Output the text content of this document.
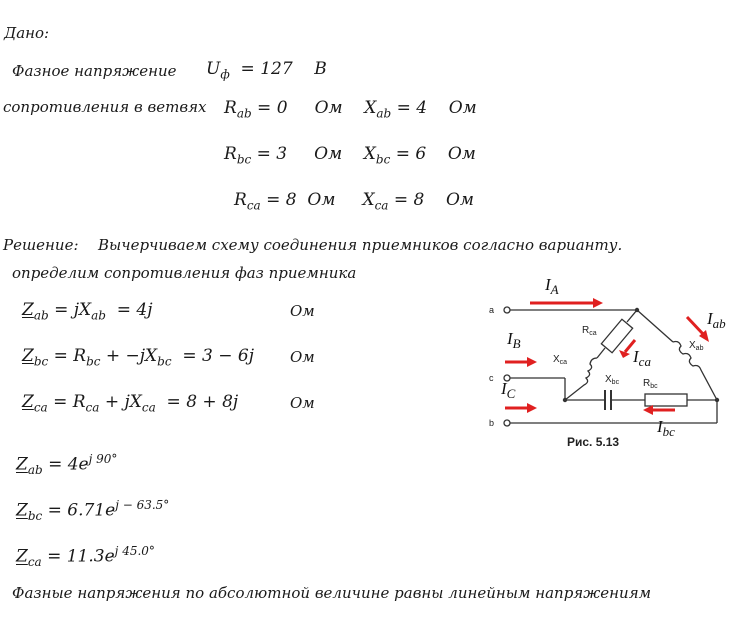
Дано:
Фазное напряжение $U_ф = 127$ В
сопротивления в ветвях $R_{ab} = 0$ Ом    $X_{ab} = 4$ Ом
$R_{bc} = 3$ Ом    $X_{bc} = 6$ Ом
$R_{ca} = 8$ Ом     $X_{ca} = 8$ Ом
Решение: Вычерчиваем схему соединения приемников согласно варианту.
определим сопротивления фаз приемника
$Z_{ab} = jX_{ab} = 4j$	Ом
$Z_{bc} = R_{bc} + -jX_{bc} = 3 - 6j$ Ом
$Z_{ca} = R_{ca} + jX_{ca} = 8 + 8j$	Ом
$Z_{ab} = 4e^{j 90^\circ}$
$Z_{bc} = 6.71e^{j - 63.5^\circ}$
$Z_{ca} = 11.3e^{j 45.0^\circ}$
Фазные напряжения по абсолютной величине равны линейным напряжениям
a
c
b
$R_{ca}$
$X_{ca}$
$X_{bc}$ $R_{bc}$
$X_{ab}$
$I_A$
$I_B$
$I_C$
$I_{ca}$
$I_{ab}$
$I_{bc}$
Рис. 5.13
